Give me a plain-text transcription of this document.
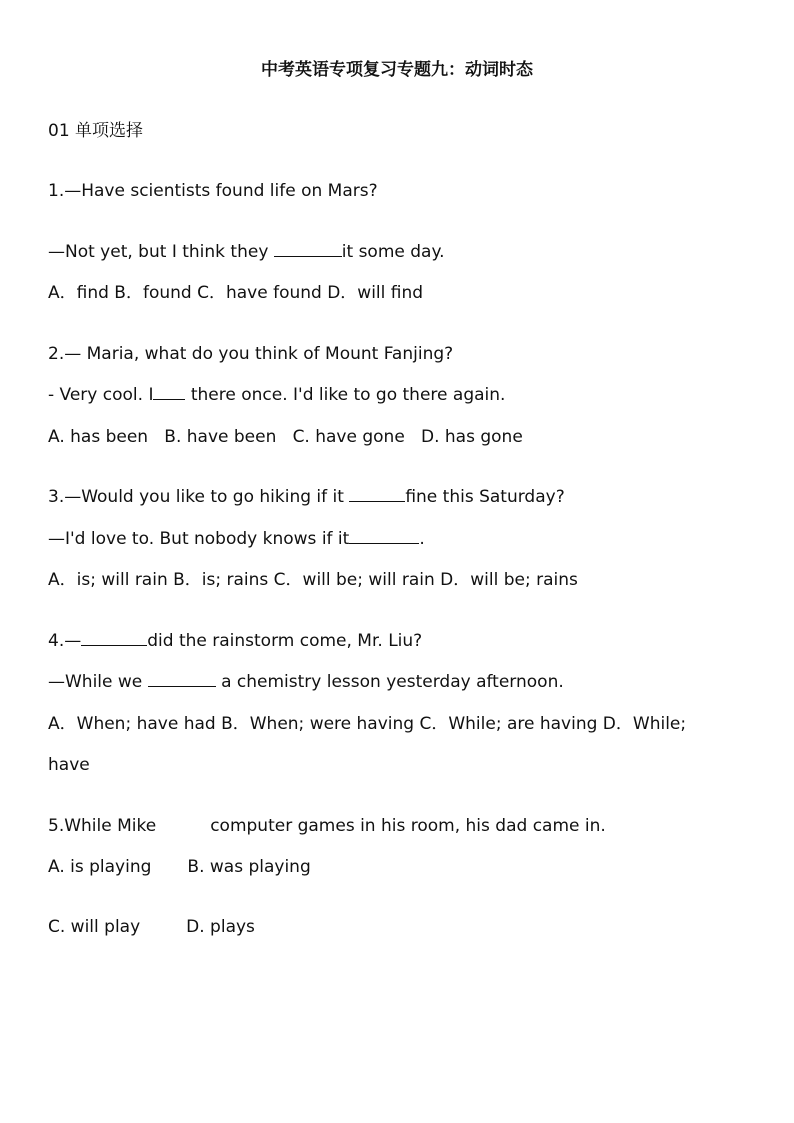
中考英语专项复习专题九：动词时态
01 单项选择
1.—Have scientists found life on Mars?
—Not yet, but I think they	it some day.
A．find B．found C．have found D．will find
2.— Maria, what do you think of Mount Fanjing?
- Very cool. I there once. I'd like to go there again.
A. has been   B. have been   C. have gone   D. has gone
3.—Would you like to go hiking if it	fine this Saturday?
—I'd love to. But nobody knows if it	.
A．is; will rain B．is; rains C．will be; will rain D．will be; rains
4.—	did the rainstorm come, Mr. Liu?
—While we	a chemistry lesson yesterday afternoon.
A．When; have had B．When; were having C．While; are having D．While;
have
5.While Mike	computer games in his room, his dad came in.
A. is playing B. was playing
C. will play	D. plays
